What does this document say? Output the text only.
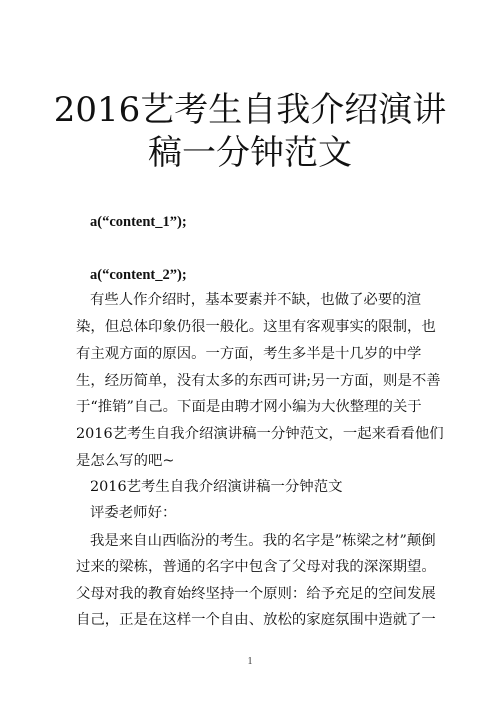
2016艺考生自我介绍演讲
稿一分钟范文
a(“content_1”);
a(“content_2”);
有些人作介绍时，基本要素并不缺，也做了必要的渲
染，但总体印象仍很一般化。这里有客观事实的限制，也
有主观方面的原因。一方面，考生多半是十几岁的中学
生，经历简单，没有太多的东西可讲;另一方面，则是不善
于“推销”自己。下面是由聘才网小编为大伙整理的关于
2016艺考生自我介绍演讲稿一分钟范文，一起来看看他们
是怎么写的吧~
2016艺考生自我介绍演讲稿一分钟范文
评委老师好：
我是来自山西临汾的考生。我的名字是”栋梁之材”颠倒
过来的梁栋，普通的名字中包含了父母对我的深深期望。
父母对我的教育始终坚持一个原则：给予充足的空间发展
自己，正是在这样一个自由、放松的家庭氛围中造就了一
1
